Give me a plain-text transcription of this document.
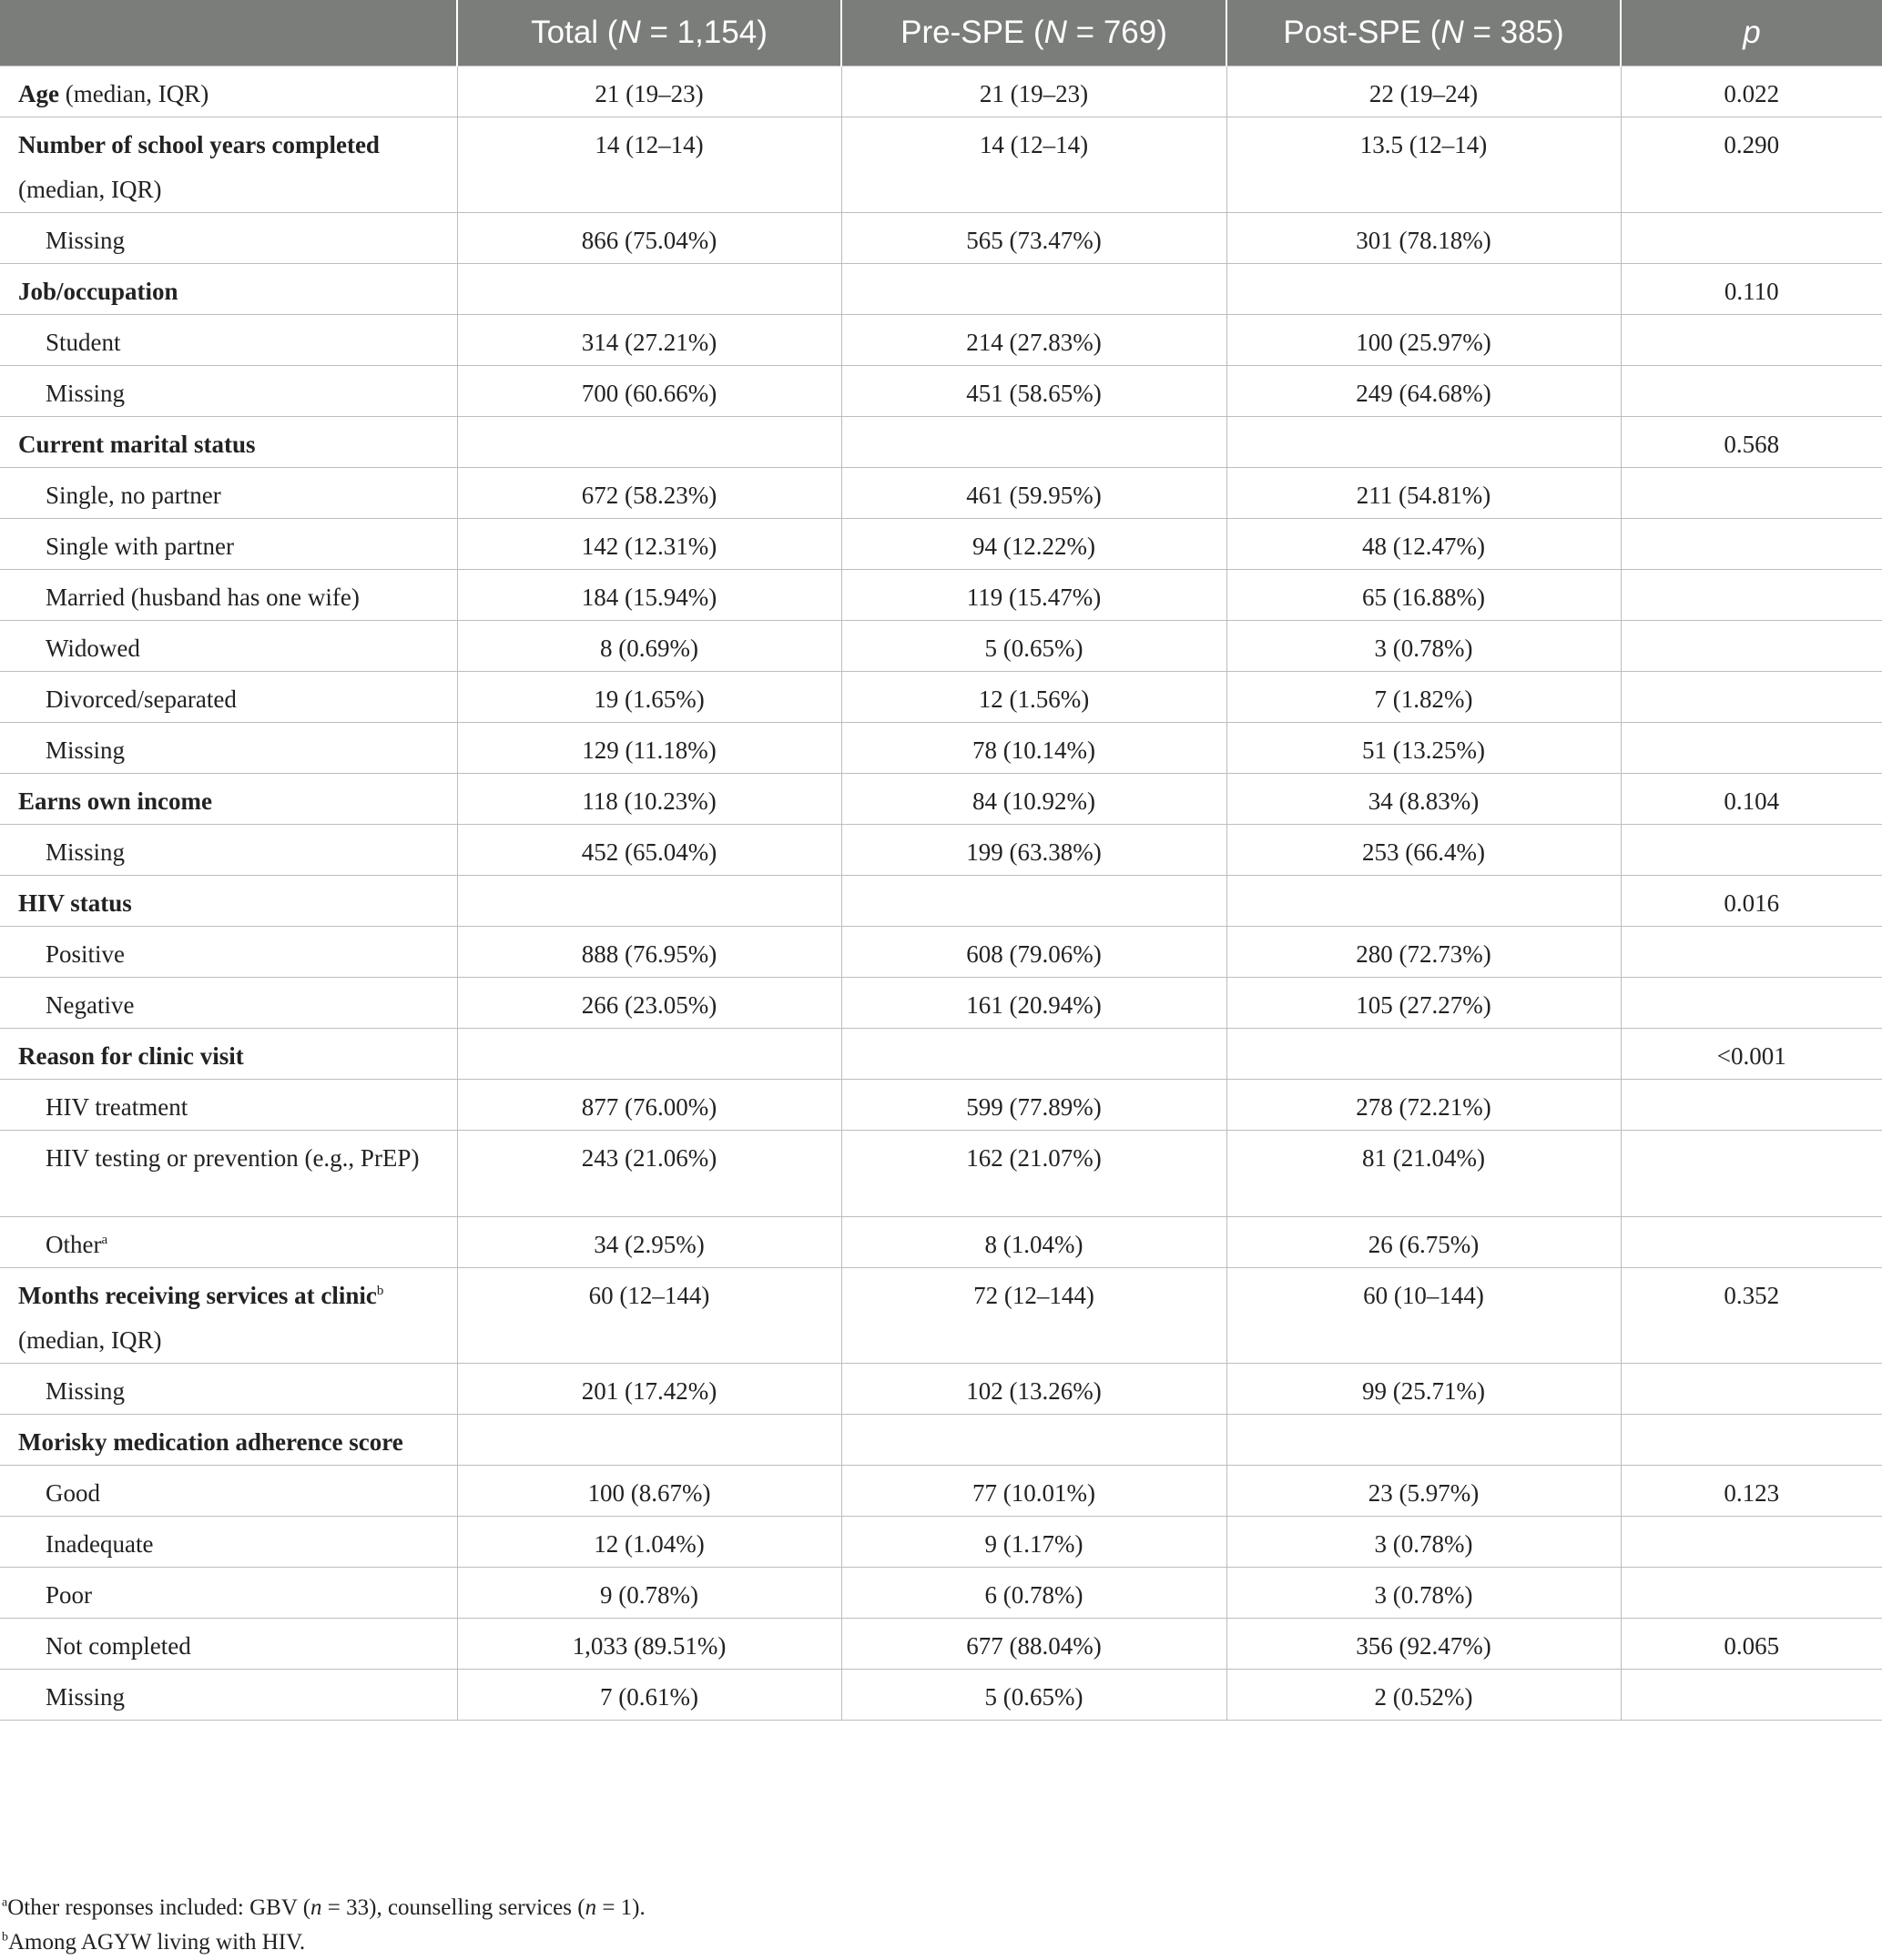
	Total (N = 1,154)	Pre-SPE (N = 769)	Post-SPE (N = 385)	p

Age (median, IQR)	21 (19–23)	21 (19–23)	22 (19–24)	0.022

Number of school years completed (median, IQR)	14 (12–14)	14 (12–14)	13.5 (12–14)	0.290

Missing	866 (75.04%)	565 (73.47%)	301 (78.18%)	

Job/occupation				0.110

Student	314 (27.21%)	214 (27.83%)	100 (25.97%)	

Missing	700 (60.66%)	451 (58.65%)	249 (64.68%)	

Current marital status				0.568

Single, no partner	672 (58.23%)	461 (59.95%)	211 (54.81%)	

Single with partner	142 (12.31%)	94 (12.22%)	48 (12.47%)	

Married (husband has one wife)	184 (15.94%)	119 (15.47%)	65 (16.88%)	

Widowed	8 (0.69%)	5 (0.65%)	3 (0.78%)	

Divorced/separated	19 (1.65%)	12 (1.56%)	7 (1.82%)	

Missing	129 (11.18%)	78 (10.14%)	51 (13.25%)	

Earns own income	118 (10.23%)	84 (10.92%)	34 (8.83%)	0.104

Missing	452 (65.04%)	199 (63.38%)	253 (66.4%)	

HIV status				0.016

Positive	888 (76.95%)	608 (79.06%)	280 (72.73%)	

Negative	266 (23.05%)	161 (20.94%)	105 (27.27%)	

Reason for clinic visit				<0.001

HIV treatment	877 (76.00%)	599 (77.89%)	278 (72.21%)	

HIV testing or prevention (e.g., PrEP)	243 (21.06%)	162 (21.07%)	81 (21.04%)	

Other$^a$	34 (2.95%)	8 (1.04%)	26 (6.75%)	

Months receiving services at clinic$^b$ (median, IQR)	60 (12–144)	72 (12–144)	60 (10–144)	0.352

Missing	201 (17.42%)	102 (13.26%)	99 (25.71%)	

Morisky medication adherence score				

Good	100 (8.67%)	77 (10.01%)	23 (5.97%)	0.123

Inadequate	12 (1.04%)	9 (1.17%)	3 (0.78%)	

Poor	9 (0.78%)	6 (0.78%)	3 (0.78%)	

Not completed	1,033 (89.51%)	677 (88.04%)	356 (92.47%)	0.065

Missing	7 (0.61%)	5 (0.65%)	2 (0.52%)	

$^a$Other responses included: GBV (n = 33), counselling services (n = 1).
$^b$Among AGYW living with HIV.
